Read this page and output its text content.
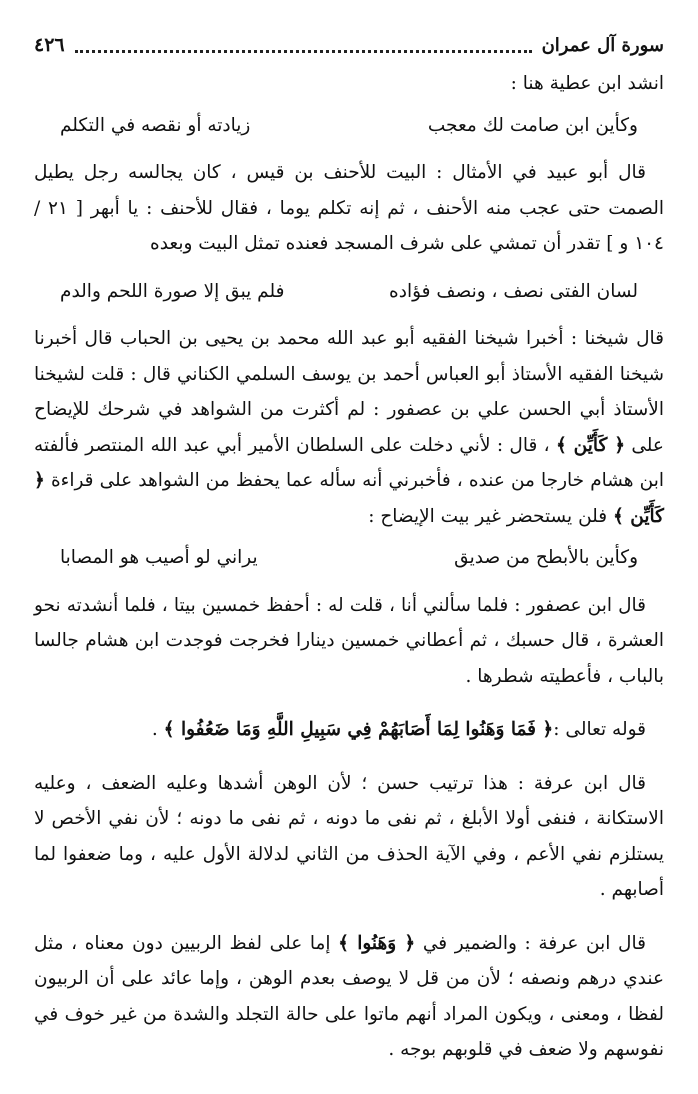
سورة آل عمران
٤٢٦

انشد ابن عطية هنا :

وكأين ابن صامت لك معجب
زيادته أو نقصه في التكلم

قال أبو عبيد في الأمثال : البيت للأحنف بن قيس ، كان يجالسه رجل يطيل الصمت حتى عجب منه الأحنف ، ثم إنه تكلم يوما ، فقال للأحنف : يا أبهر [ ٢١ / ١٠٤ و ] تقدر أن تمشي على شرف المسجد فعنده تمثل البيت وبعده

لسان الفتى نصف ، ونصف فؤاده
فلم يبق إلا صورة اللحم والدم

قال شيخنا : أخبرا شيخنا الفقيه أبو عبد الله محمد بن يحيى بن الحباب قال أخبرنا شيخنا الفقيه الأستاذ أبو العباس أحمد بن يوسف السلمي الكناني قال : قلت لشيخنا الأستاذ أبي الحسن علي بن عصفور : لم أكثرت من الشواهد في شرحك للإيضاح على ﴿ كَأَيِّن ﴾ ، قال : لأني دخلت على السلطان الأمير أبي عبد الله المنتصر فألفته ابن هشام خارجا من عنده ، فأخبرني أنه سأله عما يحفظ من الشواهد على قراءة ﴿ كَأَيِّن ﴾ فلن يستحضر غير بيت الإيضاح :

وكأين بالأبطح من صديق
يراني لو أصيب هو المصابا

قال ابن عصفور : فلما سألني أنا ، قلت له : أحفظ خمسين بيتا ، فلما أنشدته نحو العشرة ، قال حسبك ، ثم أعطاني خمسين دينارا فخرجت فوجدت ابن هشام جالسا بالباب ، فأعطيته شطرها .

قوله تعالى :﴿ فَمَا وَهَنُوا لِمَا أَصَابَهُمْ فِي سَبِيلِ اللَّهِ وَمَا ضَعُفُوا ﴾ .

قال ابن عرفة : هذا ترتيب حسن ؛ لأن الوهن أشدها وعليه الضعف ، وعليه الاستكانة ، فنفى أولا الأبلغ ، ثم نفى ما دونه ، ثم نفى ما دونه ؛ لأن نفي الأخص لا يستلزم نفي الأعم ، وفي الآية الحذف من الثاني لدلالة الأول عليه ، وما ضعفوا لما أصابهم .

قال ابن عرفة : والضمير في ﴿ وَهَنُوا ﴾ إما على لفظ الربيين دون معناه ، مثل عندي درهم ونصفه ؛ لأن من قل لا يوصف بعدم الوهن ، وإما عائد على أن الربيون لفظا ، ومعنى ، ويكون المراد أنهم ماتوا على حالة التجلد والشدة من غير خوف في نفوسهم ولا ضعف في قلوبهم بوجه .
